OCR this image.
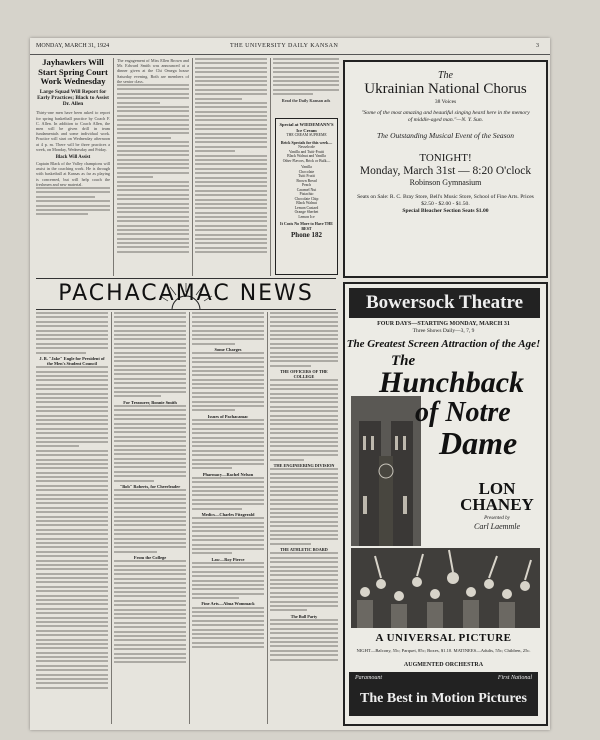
MONDAY, MARCH 31, 1924	THE UNIVERSITY DAILY KANSAN	3
Jayhawkers Will Start Spring Court Work Wednesday
Large Squad Will Report for Early Practices; Black to Assist Dr. Allen

Thirty-one men have been asked to report for spring basketball practice by Coach F. C. Allen. In addition to Coach Allen, the men will be given drill in team fundamentals and some individual work. Practice will start on Wednesday afternoon at 4 p. m. There will be three practices a week, on Monday, Wednesday and Friday.

Black Will Assist

Captain Black of the Valley champions will assist in the coaching work. He is through with basketball at Kansas as far as playing is concerned, but will help coach the freshmen and new material.

The engagement of Miss Ellen Brown and Mr. Edward Smith was announced at a dinner given at the Chi Omega house Saturday evening. Both are members of the senior class.

Read the Daily Kansan ads
Special at WIEDEMANN'S Ice Cream
THE CREAM SUPREME
Brick Specials for this week—
Nesselrode
Vanilla and Tutti-Frutti
Black Walnut and Vanilla
Other Flavors, Brick or Bulk—
Vanilla
Chocolate
Tutti Frutti
Brown Bread
Peach
Caramel Nut
Pistachio
Chocolate Chip
Black Walnut
Lemon Custard
Orange Sherbet
Lemon Ice
It Costs No More to Have THE BEST
Phone 182
The
Ukrainian National Chorus
38 Voices
"Some of the most amazing and beautiful singing heard here in the memory of middle-aged man."—N. Y. Sun.
The Outstanding Musical Event of the Season
TONIGHT!
Monday, March 31st — 8:20 O'clock
Robinson Gymnasium
Seats on Sale: R. C. Bray Store, Bell's Music Store, School of Fine Arts. Prices $2.50 - $2.00 - $1.50.
Special Bleacher Section Seats $1.00
PACHACAMAC NEWS
J. B. "Jake" Engle for President of the Men's Student Council
For Treasurer, Bonnie Smith
"Bob" Roberts, for Cheerleader
From the College
Some Charges
Issues of Pachacamac
Pharmacy—Rachel Nelson
Medics—Charles Fitzgerald
Law—Roy Pierce
Fine Arts—Alma Wommack
THE OFFICERS OF THE COLLEGE
THE ENGINEERING DIVISION
THE ATHLETIC BOARD
The Bull Party
Bowersock Theatre
FOUR DAYS—STARTING MONDAY, MARCH 31
Three Shows Daily—3, 7, 9
The Greatest Screen Attraction of the Age!
The
Hunchback
of Notre
Dame
LON
CHANEY
Presented by
Carl Laemmle
A UNIVERSAL PICTURE
NIGHT—Balcony, 55c; Parquet, 85c; Boxes, $1.10. MATINEES—Adults, 55c; Children, 25c.
AUGMENTED ORCHESTRA
Paramount	First National
The Best in Motion Pictures
